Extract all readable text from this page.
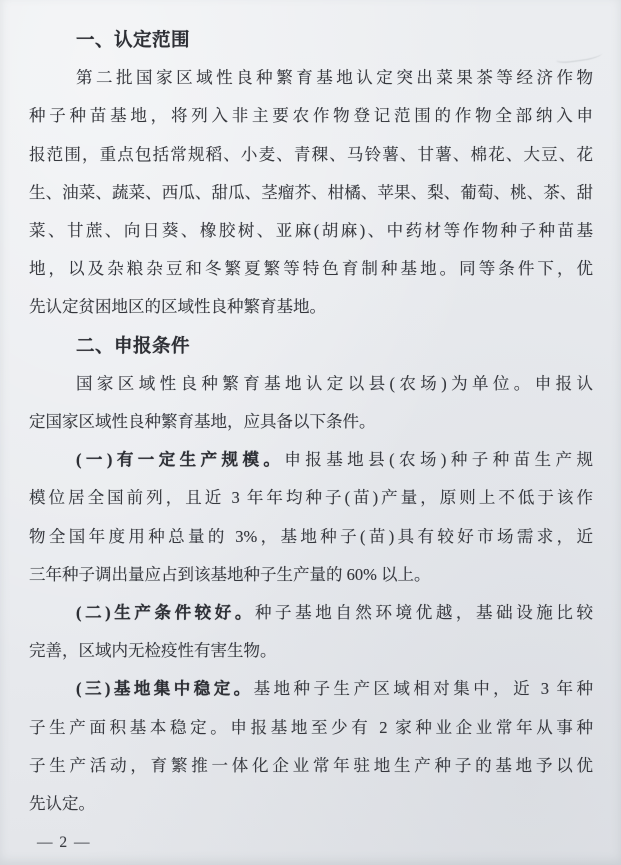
一、认定范围
第二批国家区域性良种繁育基地认定突出菜果茶等经济作物
种子种苗基地，将列入非主要农作物登记范围的作物全部纳入申
报范围，重点包括常规稻、小麦、青稞、马铃薯、甘薯、棉花、大豆、花
生、油菜、蔬菜、西瓜、甜瓜、茎瘤芥、柑橘、苹果、梨、葡萄、桃、茶、甜
菜、甘蔗、向日葵、橡胶树、亚麻(胡麻)、中药材等作物种子种苗基
地，以及杂粮杂豆和冬繁夏繁等特色育制种基地。同等条件下，优
先认定贫困地区的区域性良种繁育基地。
二、申报条件
国家区域性良种繁育基地认定以县(农场)为单位。申报认
定国家区域性良种繁育基地，应具备以下条件。
(一)有一定生产规模。申报基地县(农场)种子种苗生产规
模位居全国前列，且近 3 年年均种子(苗)产量，原则上不低于该作
物全国年度用种总量的 3%，基地种子(苗)具有较好市场需求，近
三年种子调出量应占到该基地种子生产量的 60% 以上。
(二)生产条件较好。种子基地自然环境优越，基础设施比较
完善，区域内无检疫性有害生物。
(三)基地集中稳定。基地种子生产区域相对集中，近 3 年种
子生产面积基本稳定。申报基地至少有 2 家种业企业常年从事种
子生产活动，育繁推一体化企业常年驻地生产种子的基地予以优
先认定。
— 2 —
